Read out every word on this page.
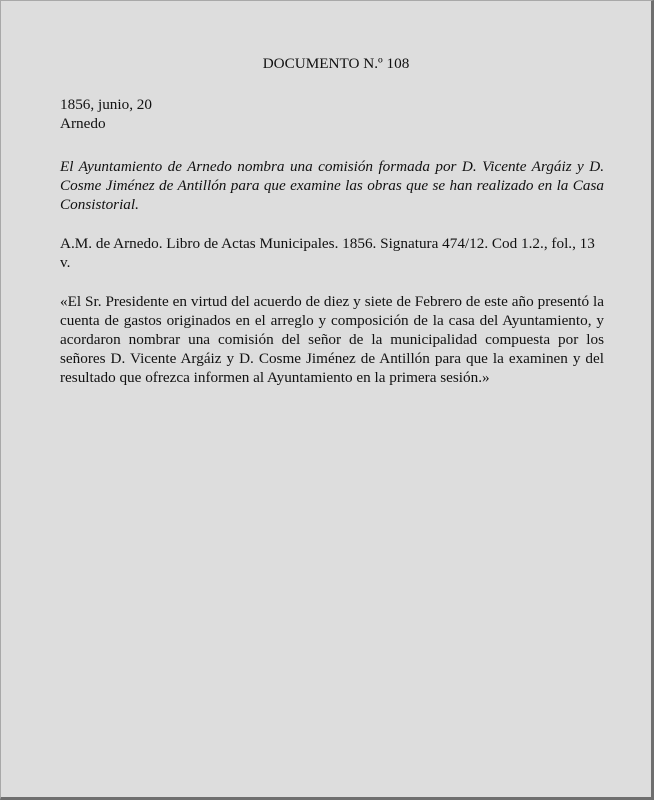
DOCUMENTO N.º 108

1856, junio, 20

Arnedo

El Ayuntamiento de Arnedo nombra una comisión formada por D. Vicente Argáiz y D. Cosme Jiménez de Antillón para que examine las obras que se han realizado en la Casa Consistorial.

A.M. de Arnedo. Libro de Actas Municipales. 1856. Signatura 474/12. Cod 1.2., fol., 13 v.

«El Sr. Presidente en virtud del acuerdo de diez y siete de Febrero de este año presentó la cuenta de gastos originados en el arreglo y composición de la casa del Ayuntamiento, y acordaron nombrar una comisión del señor de la municipalidad compuesta por los señores D. Vicente Argáiz y D. Cosme Jiménez de Antillón para que la examinen y del resultado que ofrezca informen al Ayuntamiento en la primera sesión.»
